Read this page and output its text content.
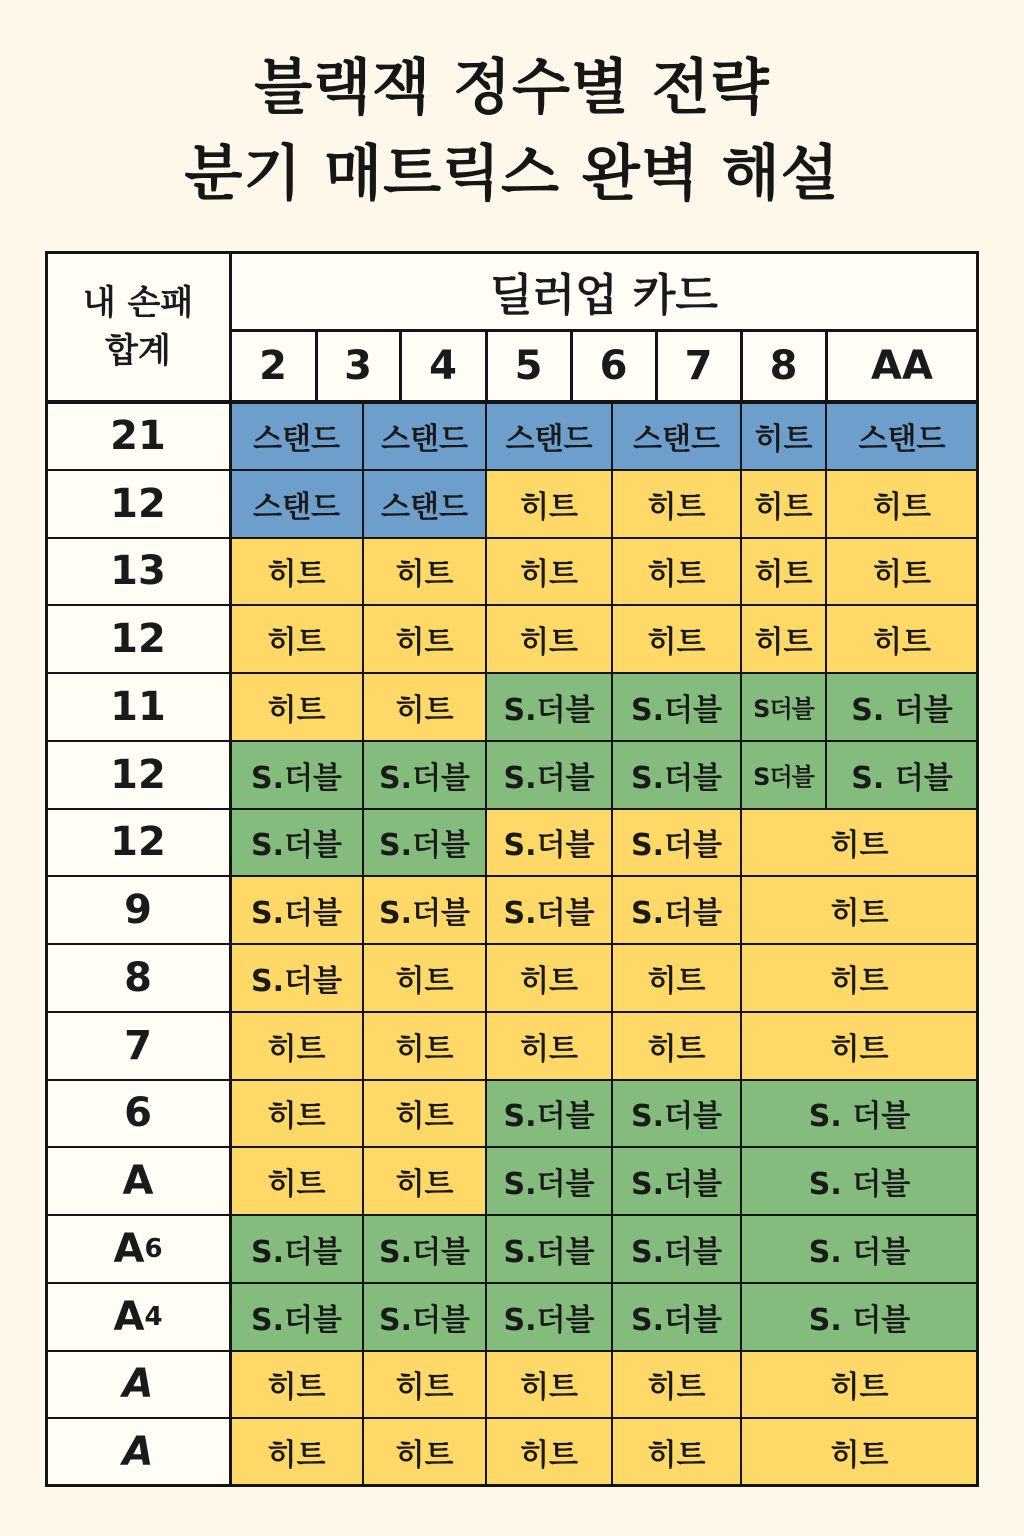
블랙잭 정수별 전략
분기 매트릭스 완벽 해설
내 손패
합계
딜러업 카드
2	3	4	5	6	7	8	AA
21	스탠드	스탠드	스탠드	스탠드	히트	스탠드
12	스탠드	스탠드	히트	히트	히트	히트
13	히트	히트	히트	히트	히트	히트
12	히트	히트	히트	히트	히트	히트
11	히트	히트	S.더블	S.더블	S더블	S. 더블
12	S.더블	S.더블	S.더블	S.더블	S더블	S. 더블
12	S.더블	S.더블	S.더블	S.더블	히트
9	S.더블	S.더블	S.더블	S.더블	히트
8	S.더블	히트	히트	히트	히트
7	히트	히트	히트	히트	히트
6	히트	히트	S.더블	S.더블	S. 더블
A	히트	히트	S.더블	S.더블	S. 더블
A 6	S.더블	S.더블	S.더블	S.더블	S. 더블
A 4	S.더블	S.더블	S.더블	S.더블	S. 더블
A	히트	히트	히트	히트	히트
A	히트	히트	히트	히트	히트
